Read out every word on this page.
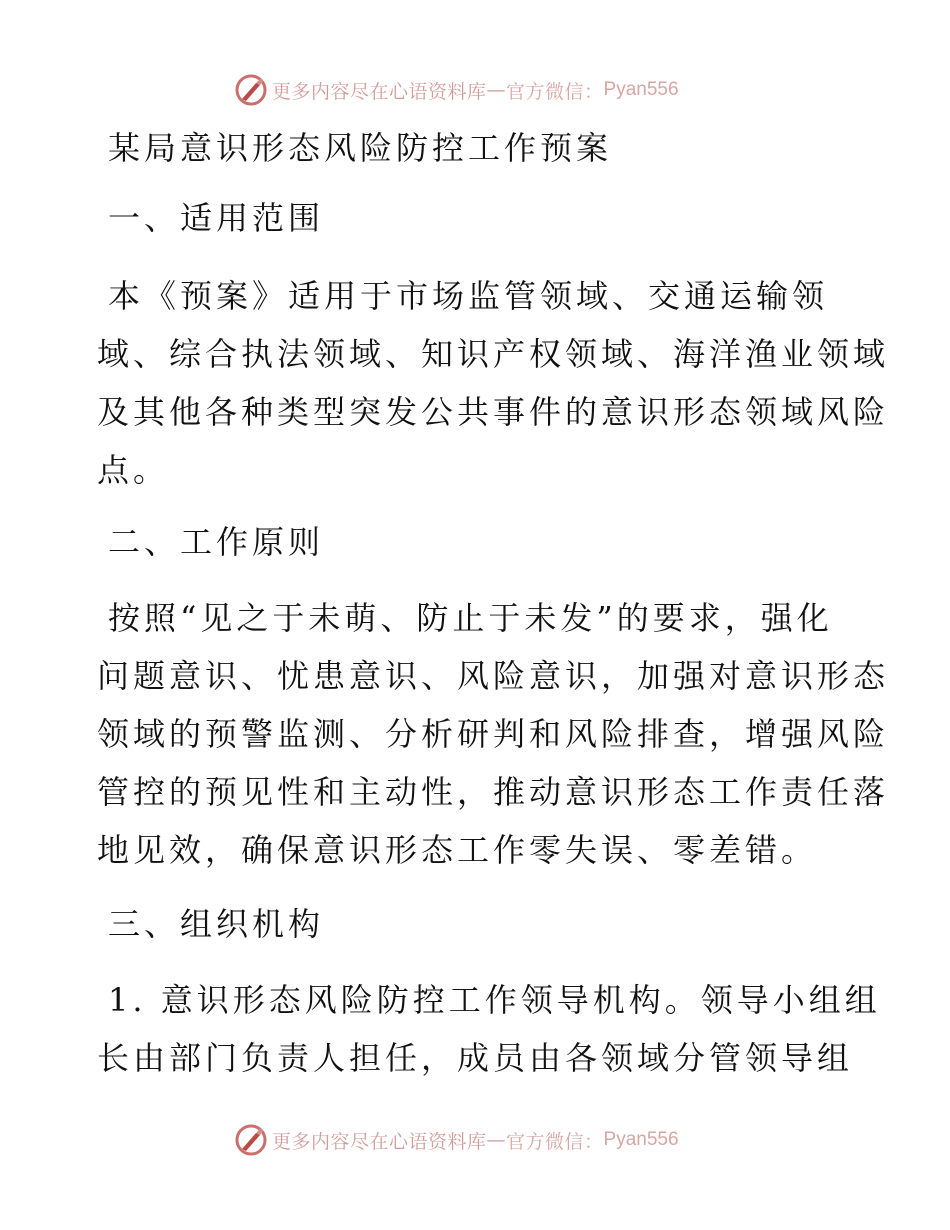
更多内容尽在心语资料库 — 官方微信： Pyan556
某局意识形态风险防控工作预案
一、适用范围
本《预案》适用于市场监管领域、交通运输领
域、综合执法领域、知识产权领域、海洋渔业领域
及其他各种类型突发公共事件的意识形态领域风险
点。
二、工作原则
按照“见之于未萌、防止于未发”的要求，强化
问题意识、忧患意识、风险意识，加强对意识形态
领域的预警监测、分析研判和风险排查，增强风险
管控的预见性和主动性，推动意识形态工作责任落
地见效，确保意识形态工作零失误、零差错。
三、组织机构
1. 意识形态风险防控工作领导机构。领导小组组
长由部门负责人担任，成员由各领域分管领导组
更多内容尽在心语资料库 — 官方微信： Pyan556
